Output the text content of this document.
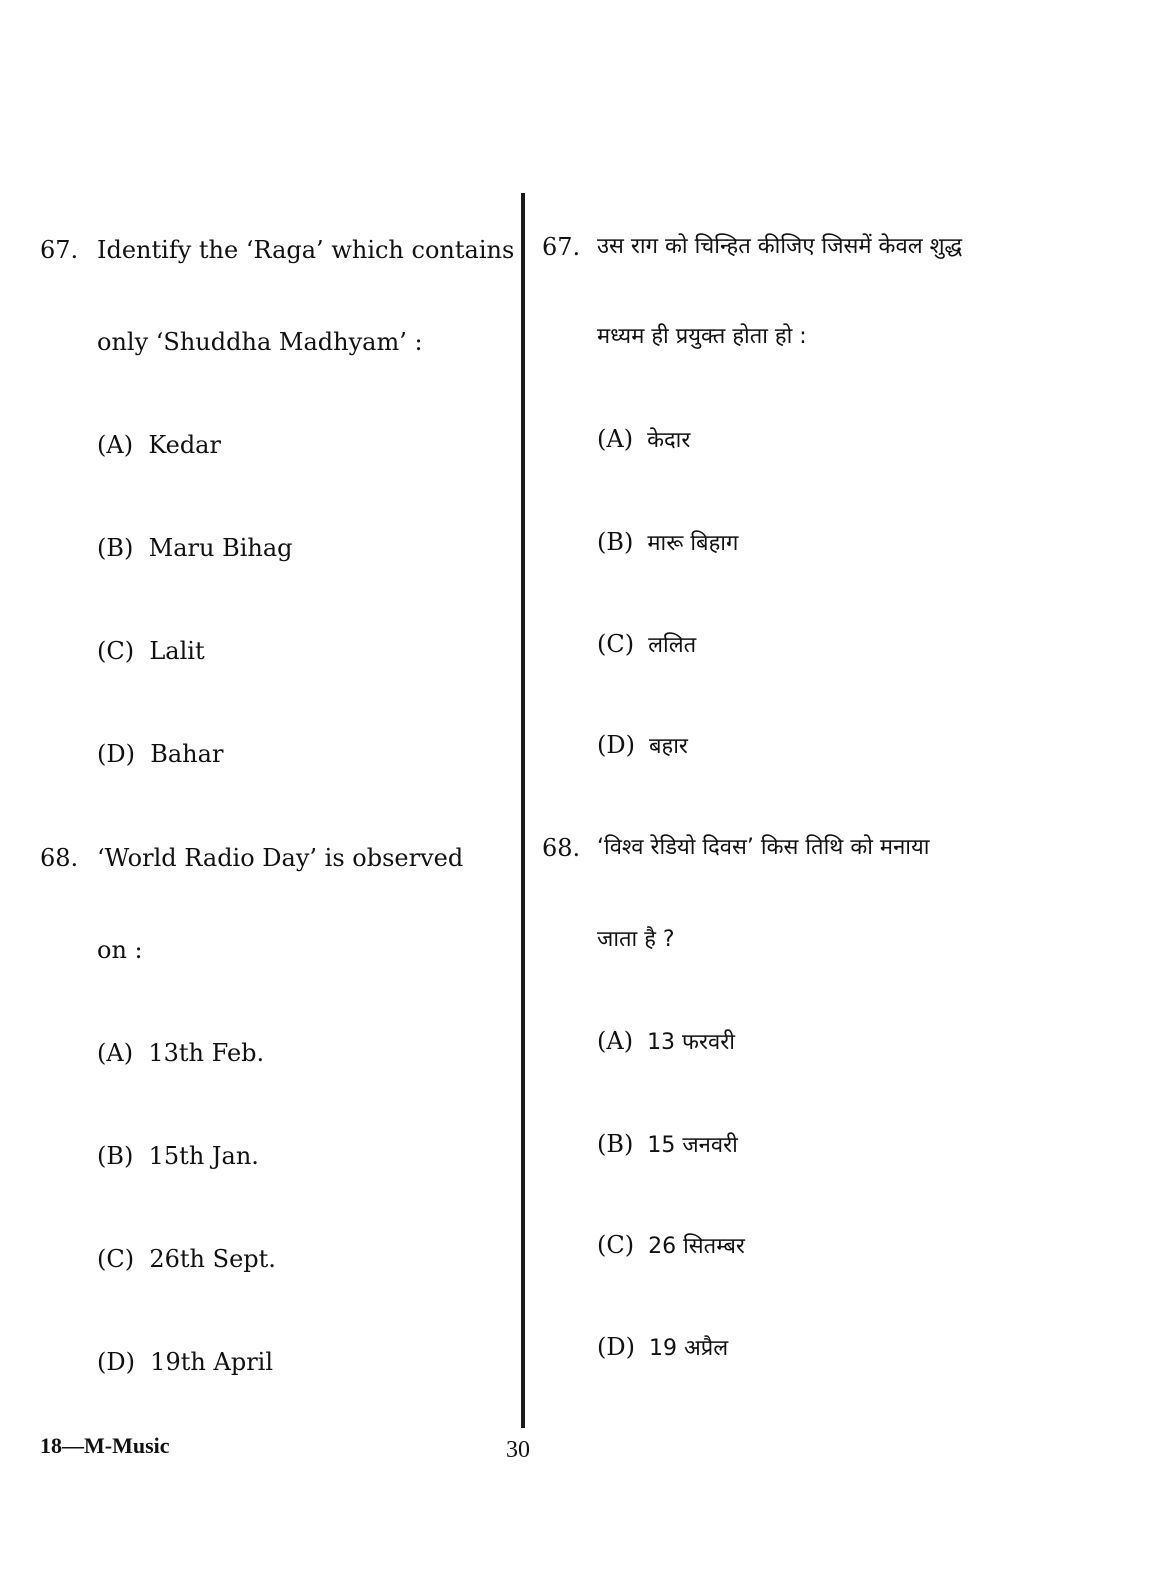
67. Identify the ‘Raga’ which contains
only ‘Shuddha Madhyam’ :
(A) Kedar
(B) Maru Bihag
(C) Lalit
(D) Bahar
68. ‘World Radio Day’ is observed
on :
(A) 13th Feb.
(B) 15th Jan.
(C) 26th Sept.
(D) 19th April
67. उस राग को चिन्हित कीजिए जिसमें केवल शुद्ध
मध्यम ही प्रयुक्त होता हो :
(A) केदार
(B) मारू बिहाग
(C) ललित
(D) बहार
68. ‘विश्व रेडियो दिवस’ किस तिथि को मनाया
जाता है ?
(A) 13 फरवरी
(B) 15 जनवरी
(C) 26 सितम्बर
(D) 19 अप्रैल
18—M-Music	30
